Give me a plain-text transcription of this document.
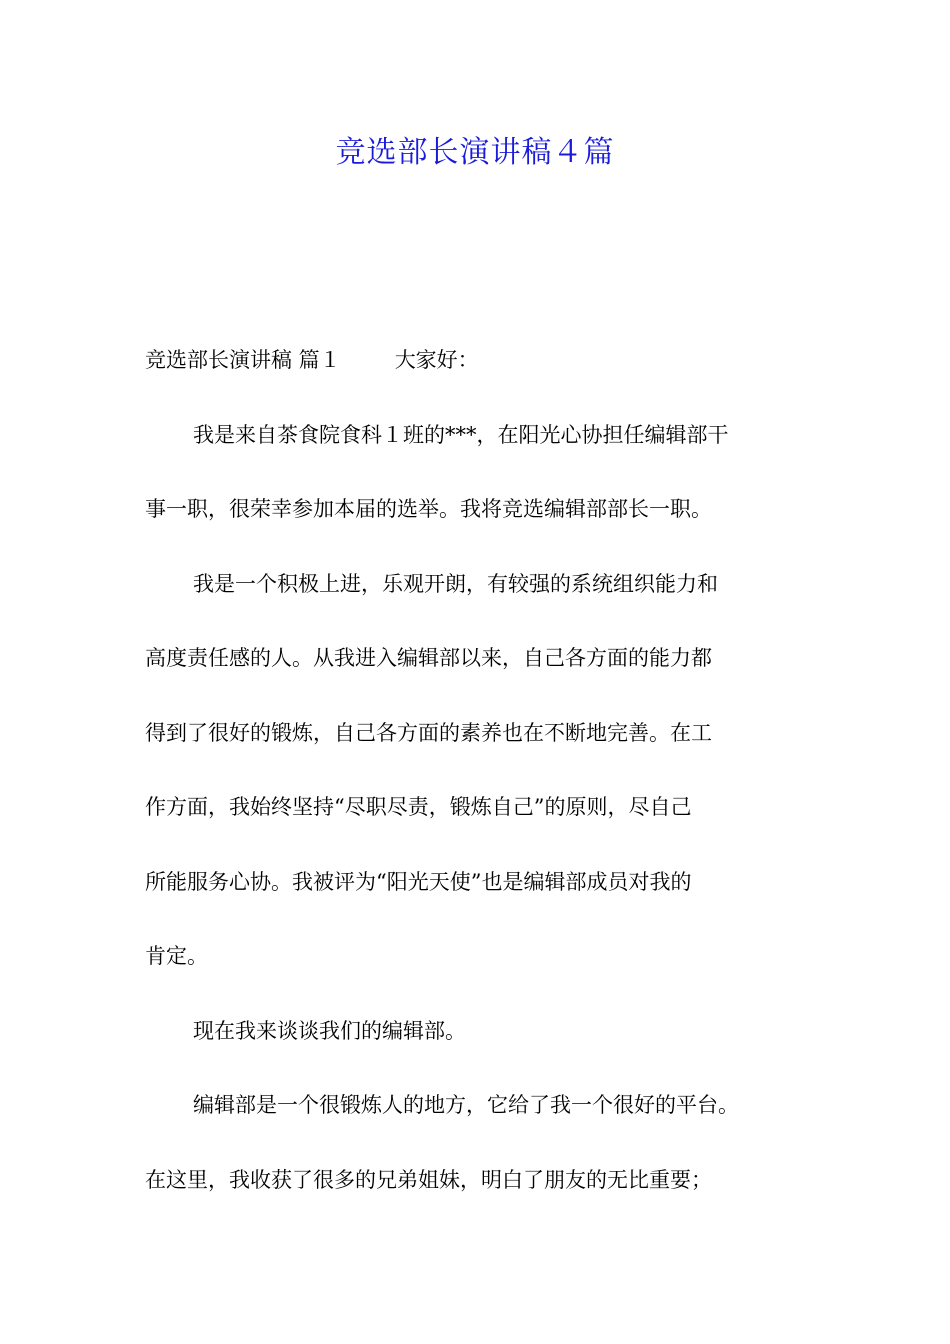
竞选部长演讲稿４篇
竞选部长演讲稿 篇１	大家好：
我是来自茶食院食科１班的***，在阳光心协担任编辑部干
事一职，很荣幸参加本届的选举。我将竞选编辑部部长一职。
我是一个积极上进，乐观开朗，有较强的系统组织能力和
高度责任感的人。从我进入编辑部以来，自己各方面的能力都
得到了很好的锻炼，自己各方面的素养也在不断地完善。在工
作方面，我始终坚持“尽职尽责，锻炼自己”的原则，尽自己
所能服务心协。我被评为“阳光天使”也是编辑部成员对我的
肯定。
现在我来谈谈我们的编辑部。
编辑部是一个很锻炼人的地方，它给了我一个很好的平台。
在这里，我收获了很多的兄弟姐妹，明白了朋友的无比重要；
